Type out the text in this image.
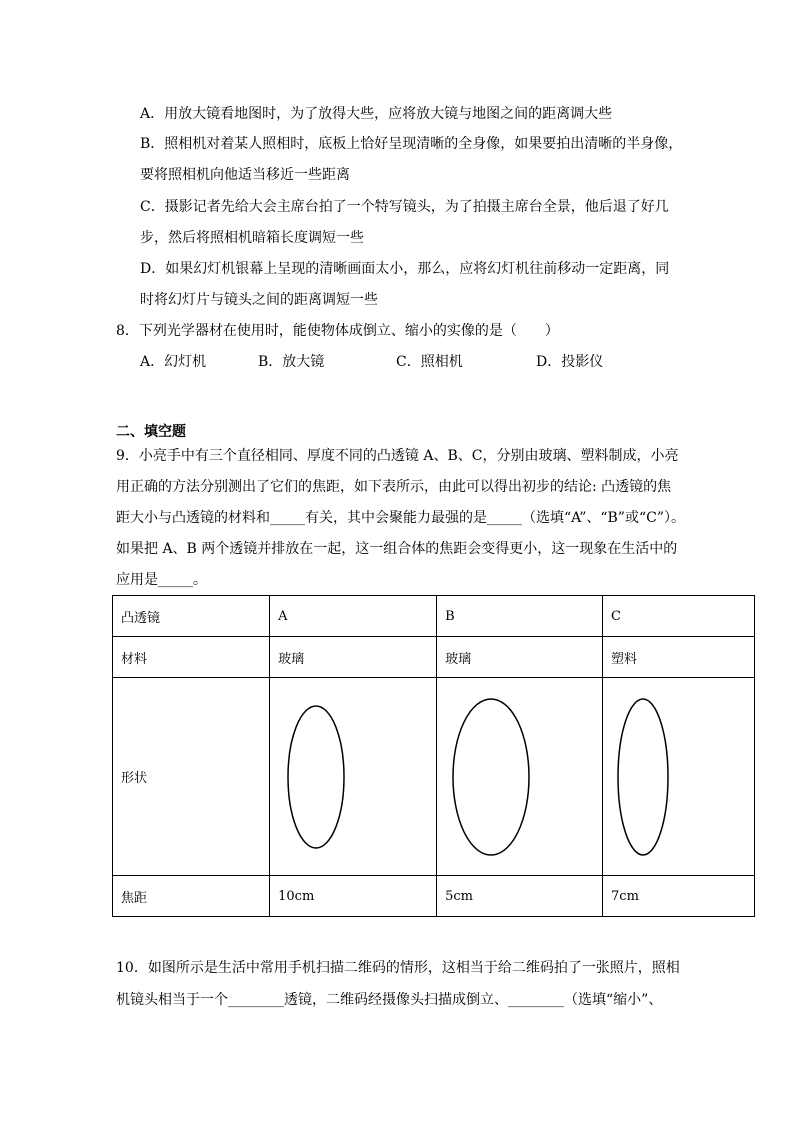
A．用放大镜看地图时，为了放得大些，应将放大镜与地图之间的距离调大些
B．照相机对着某人照相时，底板上恰好呈现清晰的全身像，如果要拍出清晰的半身像，
要将照相机向他适当移近一些距离
C．摄影记者先给大会主席台拍了一个特写镜头，为了拍摄主席台全景，他后退了好几
步，然后将照相机暗箱长度调短一些
D．如果幻灯机银幕上呈现的清晰画面太小，那么，应将幻灯机往前移动一定距离，同
时将幻灯片与镜头之间的距离调短一些
8．下列光学器材在使用时，能使物体成倒立、缩小的实像的是（　　）
A．幻灯机	B．放大镜	C．照相机	D．投影仪
二、填空题
9．小亮手中有三个直径相同、厚度不同的凸透镜 A、B、C，分别由玻璃、塑料制成，小亮
用正确的方法分别测出了它们的焦距，如下表所示，由此可以得出初步的结论: 凸透镜的焦
距大小与凸透镜的材料和_____有关，其中会聚能力最强的是_____（选填“A”、“B”或“C”）。
如果把 A、B 两个透镜并排放在一起，这一组合体的焦距会变得更小，这一现象在生活中的
应用是_____。
凸透镜	A	B	C
材料	玻璃	玻璃	塑料
形状	

焦距	10cm	5cm	7cm
10．如图所示是生活中常用手机扫描二维码的情形，这相当于给二维码拍了一张照片，照相
机镜头相当于一个________透镜，二维码经摄像头扫描成倒立、________（选填“缩小”、
